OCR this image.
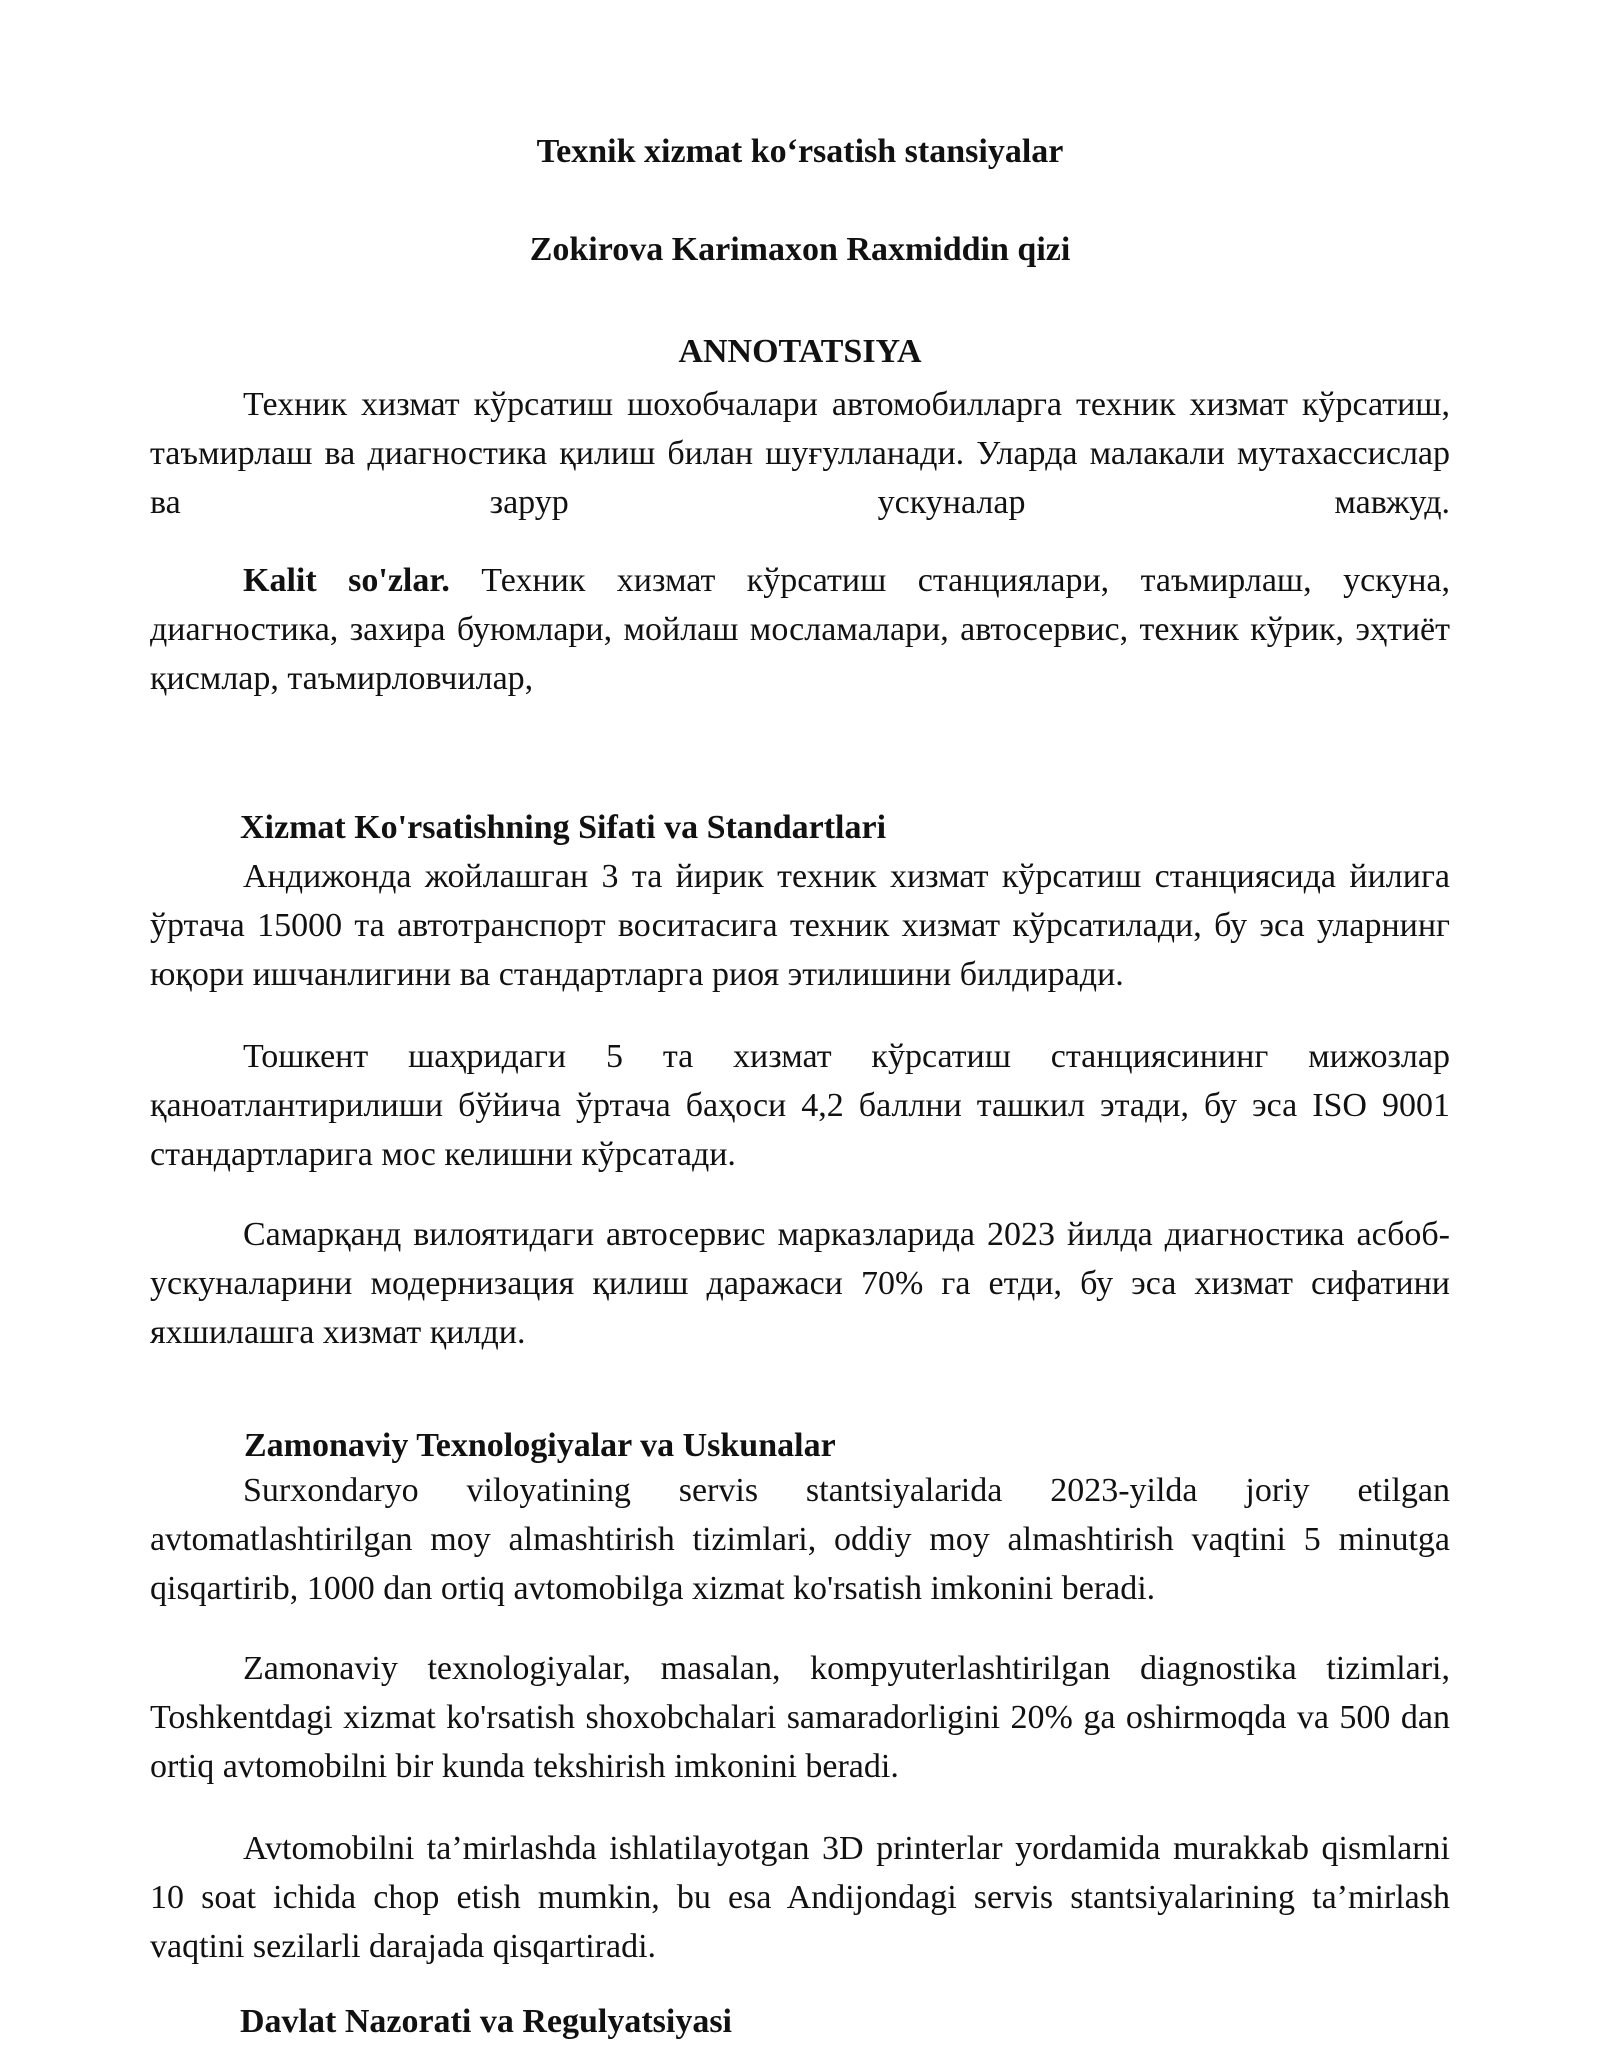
Texnik xizmat koʻrsatish stansiyalar
Zokirova Karimaxon Raxmiddin qizi
ANNOTATSIYA
Техник хизмат кўрсатиш шохобчалари автомобилларга техник хизмат кўрсатиш, таъмирлаш ва диагностика қилиш билан шуғулланади. Уларда малакали мутахассислар ва зарур ускуналар мавжуд.
Kalit so'zlar. Техник хизмат кўрсатиш станциялари, таъмирлаш, ускуна, диагностика, захира буюмлари, мойлаш мосламалари, автосервис, техник кўрик, эҳтиёт қисмлар, таъмирловчилар,
Xizmat Ko'rsatishning Sifati va Standartlari
Андижонда жойлашган 3 та йирик техник хизмат кўрсатиш станциясида йилига ўртача 15000 та автотранспорт воситасига техник хизмат кўрсатилади, бу эса уларнинг юқори ишчанлигини ва стандартларга риоя этилишини билдиради.
Тошкент шаҳридаги 5 та хизмат кўрсатиш станциясининг мижозлар қаноатлантирилиши бўйича ўртача баҳоси 4,2 баллни ташкил этади, бу эса ISO 9001 стандартларига мос келишни кўрсатади.
Самарқанд вилоятидаги автосервис марказларида 2023 йилда диагностика асбоб-ускуналарини модернизация қилиш даражаси 70% га етди, бу эса хизмат сифатини яхшилашга хизмат қилди.
Zamonaviy Texnologiyalar va Uskunalar
Surxondaryo viloyatining servis stantsiyalarida 2023-yilda joriy etilgan avtomatlashtirilgan moy almashtirish tizimlari, oddiy moy almashtirish vaqtini 5 minutga qisqartirib, 1000 dan ortiq avtomobilga xizmat ko'rsatish imkonini beradi.
Zamonaviy texnologiyalar, masalan, kompyuterlashtirilgan diagnostika tizimlari, Toshkentdagi xizmat ko'rsatish shoxobchalari samaradorligini 20% ga oshirmoqda va 500 dan ortiq avtomobilni bir kunda tekshirish imkonini beradi.
Avtomobilni ta’mirlashda ishlatilayotgan 3D printerlar yordamida murakkab qismlarni 10 soat ichida chop etish mumkin, bu esa Andijondagi servis stantsiyalarining ta’mirlash vaqtini sezilarli darajada qisqartiradi.
Davlat Nazorati va Regulyatsiyasi
